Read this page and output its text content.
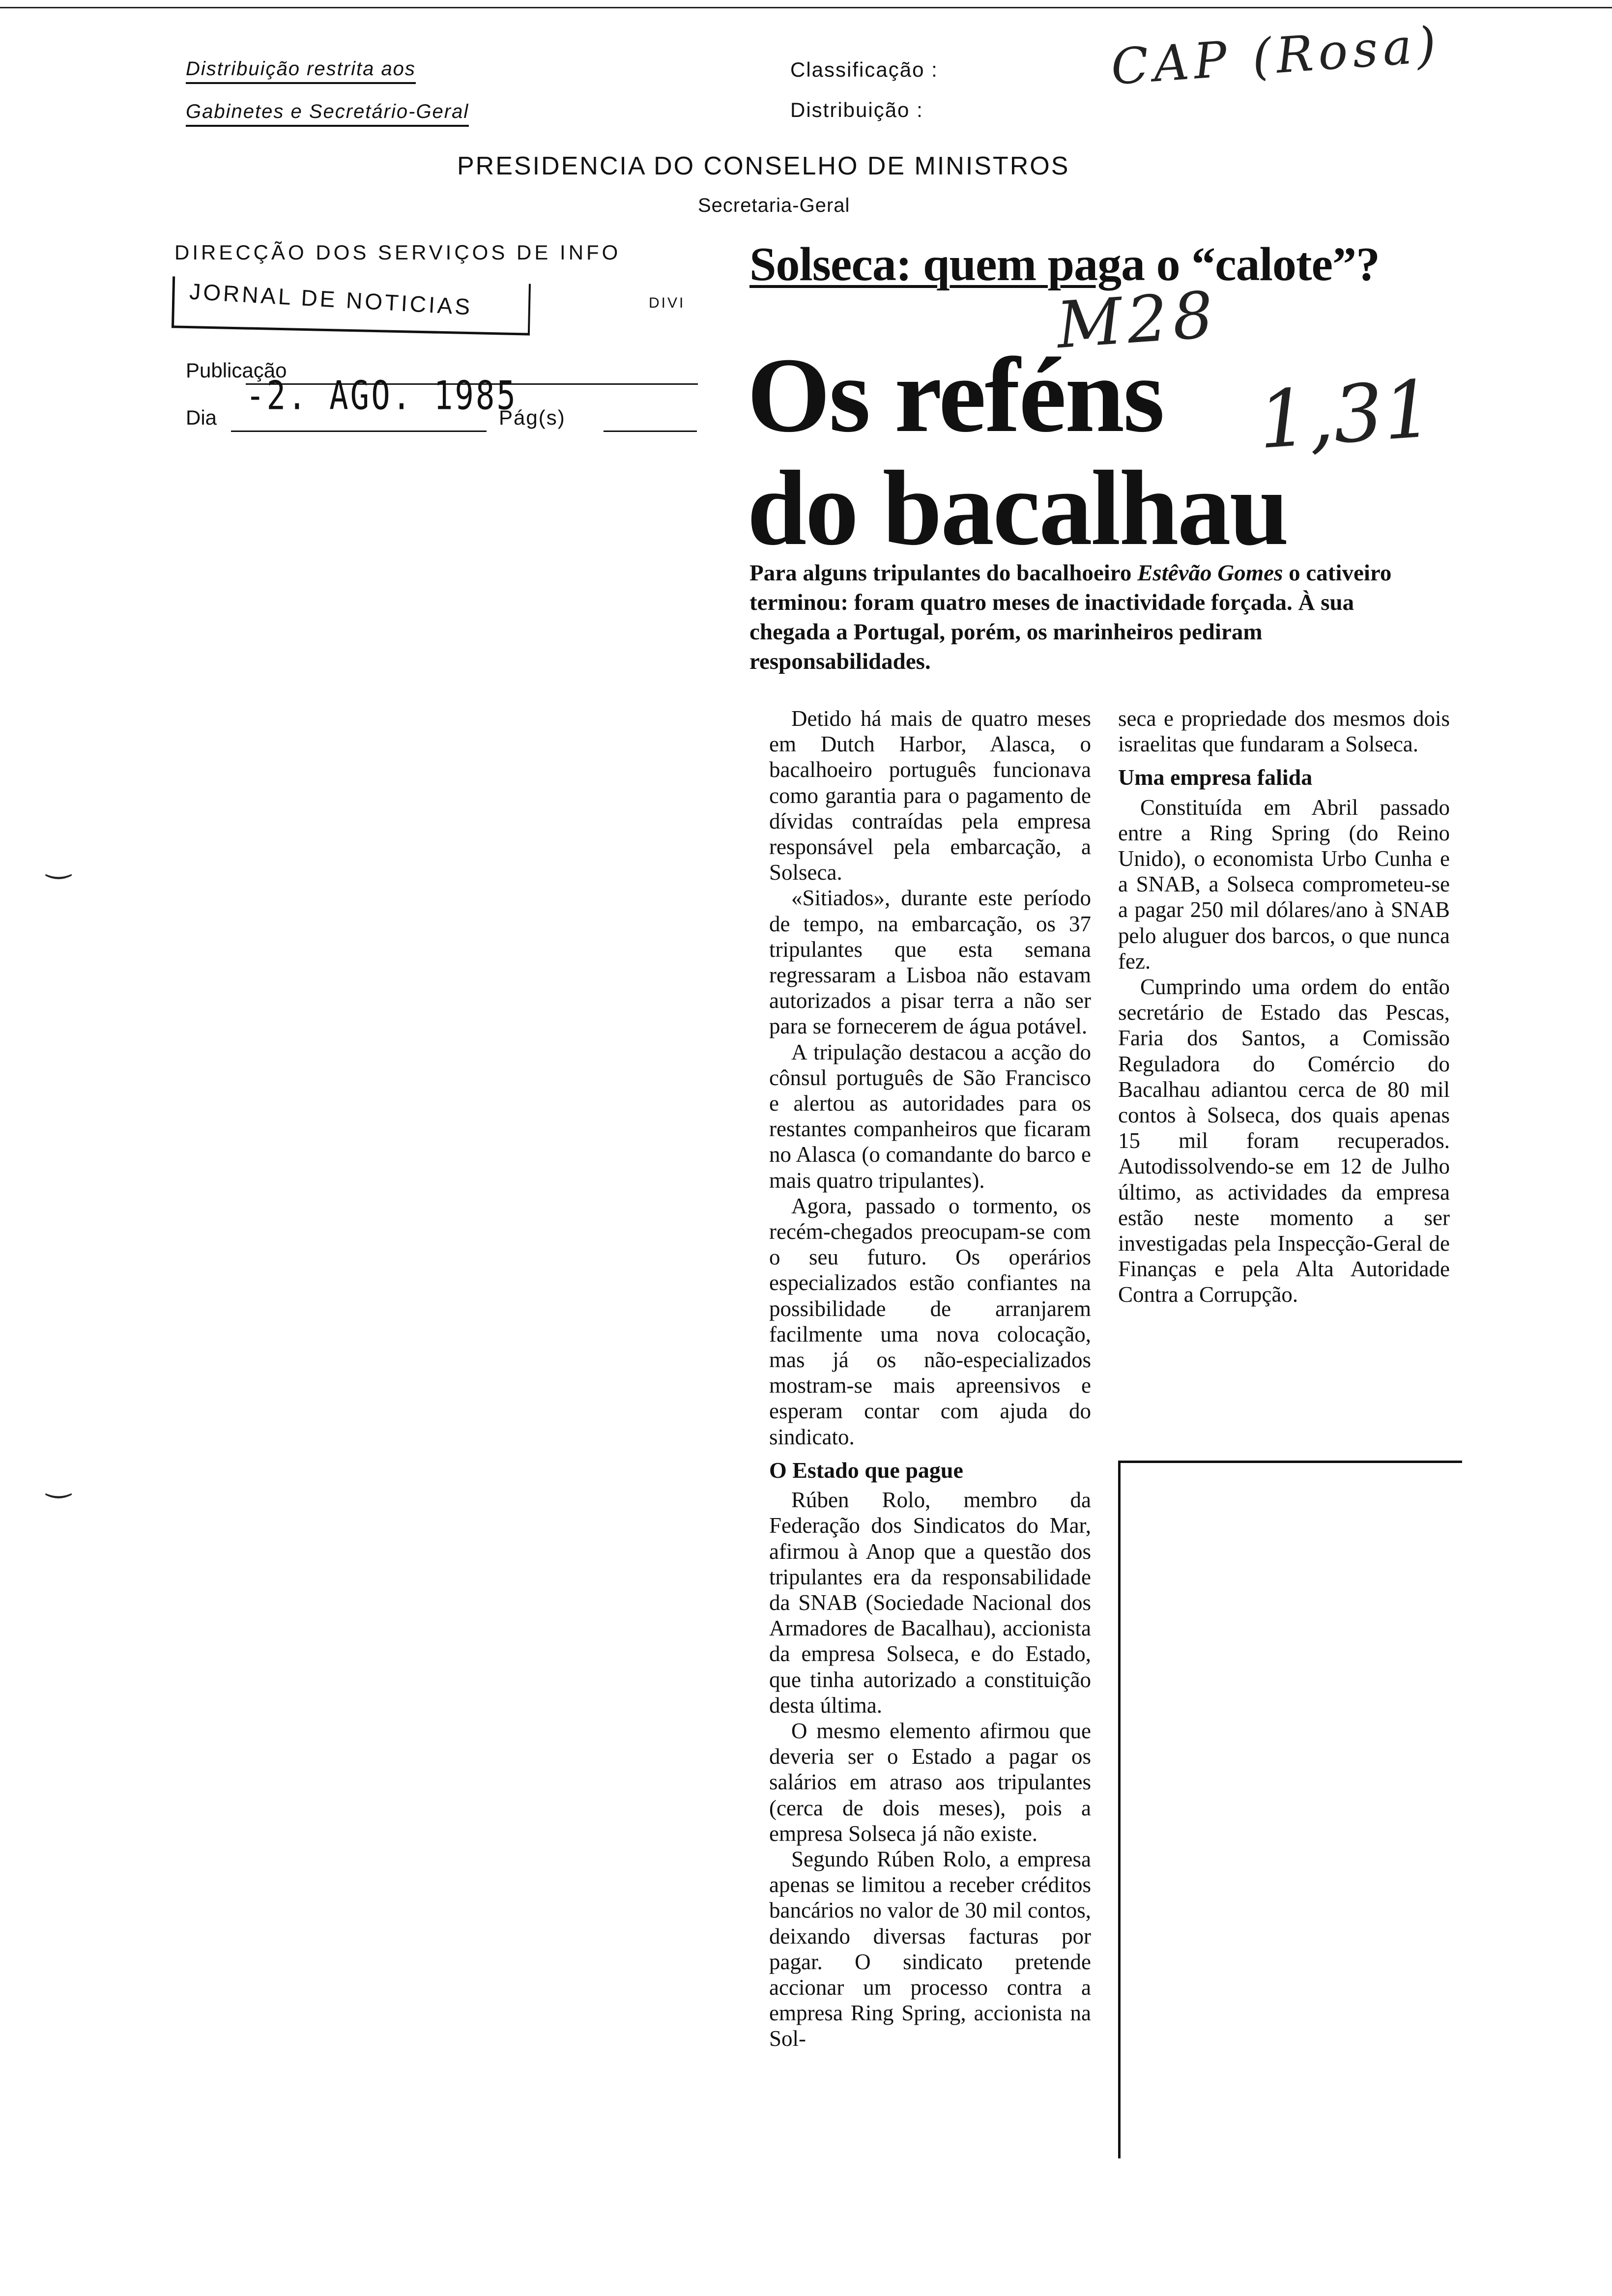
Distribuição restrita aos
Gabinetes e Secretário-Geral
Classificação :
Distribuição :
CAP (Rosa)
PRESIDENCIA DO CONSELHO DE MINISTROS
Secretaria-Geral
DIRECÇÃO DOS SERVIÇOS DE INFO
DIVI
JORNAL DE NOTICIAS
Publicação
-2. AGO. 1985
Dia	Pág(s)
Solseca: quem paga o “calote”?
Os reféns
do bacalhau
M28
1,31
Para alguns tripulantes do bacalhoeiro Estêvão Gomes o cativeiro terminou: foram quatro meses de inactividade forçada. À sua chegada a Portugal, porém, os marinheiros pediram responsabilidades.

Detido há mais de quatro meses em Dutch Harbor, Alasca, o bacalhoeiro português funcionava como garantia para o pagamento de dívidas contraídas pela empresa responsável pela embarcação, a Solseca.

«Sitiados», durante este período de tempo, na embarcação, os 37 tripulantes que esta semana regressaram a Lisboa não estavam autorizados a pisar terra a não ser para se fornecerem de água potável.

A tripulação destacou a acção do cônsul português de São Francisco e alertou as autoridades para os restantes companheiros que ficaram no Alasca (o comandante do barco e mais quatro tripulantes).

Agora, passado o tormento, os recém-chegados preocupam-se com o seu futuro. Os operários especializados estão confiantes na possibilidade de arranjarem facilmente uma nova colocação, mas já os não-especializados mostram-se mais apreensivos e esperam contar com ajuda do sindicato.

O Estado que pague

Rúben Rolo, membro da Federação dos Sindicatos do Mar, afirmou à Anop que a questão dos tripulantes era da responsabilidade da SNAB (Sociedade Nacional dos Armadores de Bacalhau), accionista da empresa Solseca, e do Estado, que tinha autorizado a constituição desta última.

O mesmo elemento afirmou que deveria ser o Estado a pagar os salários em atraso aos tripulantes (cerca de dois meses), pois a empresa Solseca já não existe.

Segundo Rúben Rolo, a empresa apenas se limitou a receber créditos bancários no valor de 30 mil contos, deixando diversas facturas por pagar. O sindicato pretende accionar um processo contra a empresa Ring Spring, accionista na Sol-

seca e propriedade dos mesmos dois israelitas que fundaram a Solseca.

Uma empresa falida

Constituída em Abril passado entre a Ring Spring (do Reino Unido), o economista Urbo Cunha e a SNAB, a Solseca comprometeu-se a pagar 250 mil dólares/ano à SNAB pelo aluguer dos barcos, o que nunca fez.

Cumprindo uma ordem do então secretário de Estado das Pescas, Faria dos Santos, a Comissão Reguladora do Comércio do Bacalhau adiantou cerca de 80 mil contos à Solseca, dos quais apenas 15 mil foram recuperados. Autodissolvendo-se em 12 de Julho último, as actividades da empresa estão neste momento a ser investigadas pela Inspecção-Geral de Finanças e pela Alta Autoridade Contra a Corrupção.

‿
‿
